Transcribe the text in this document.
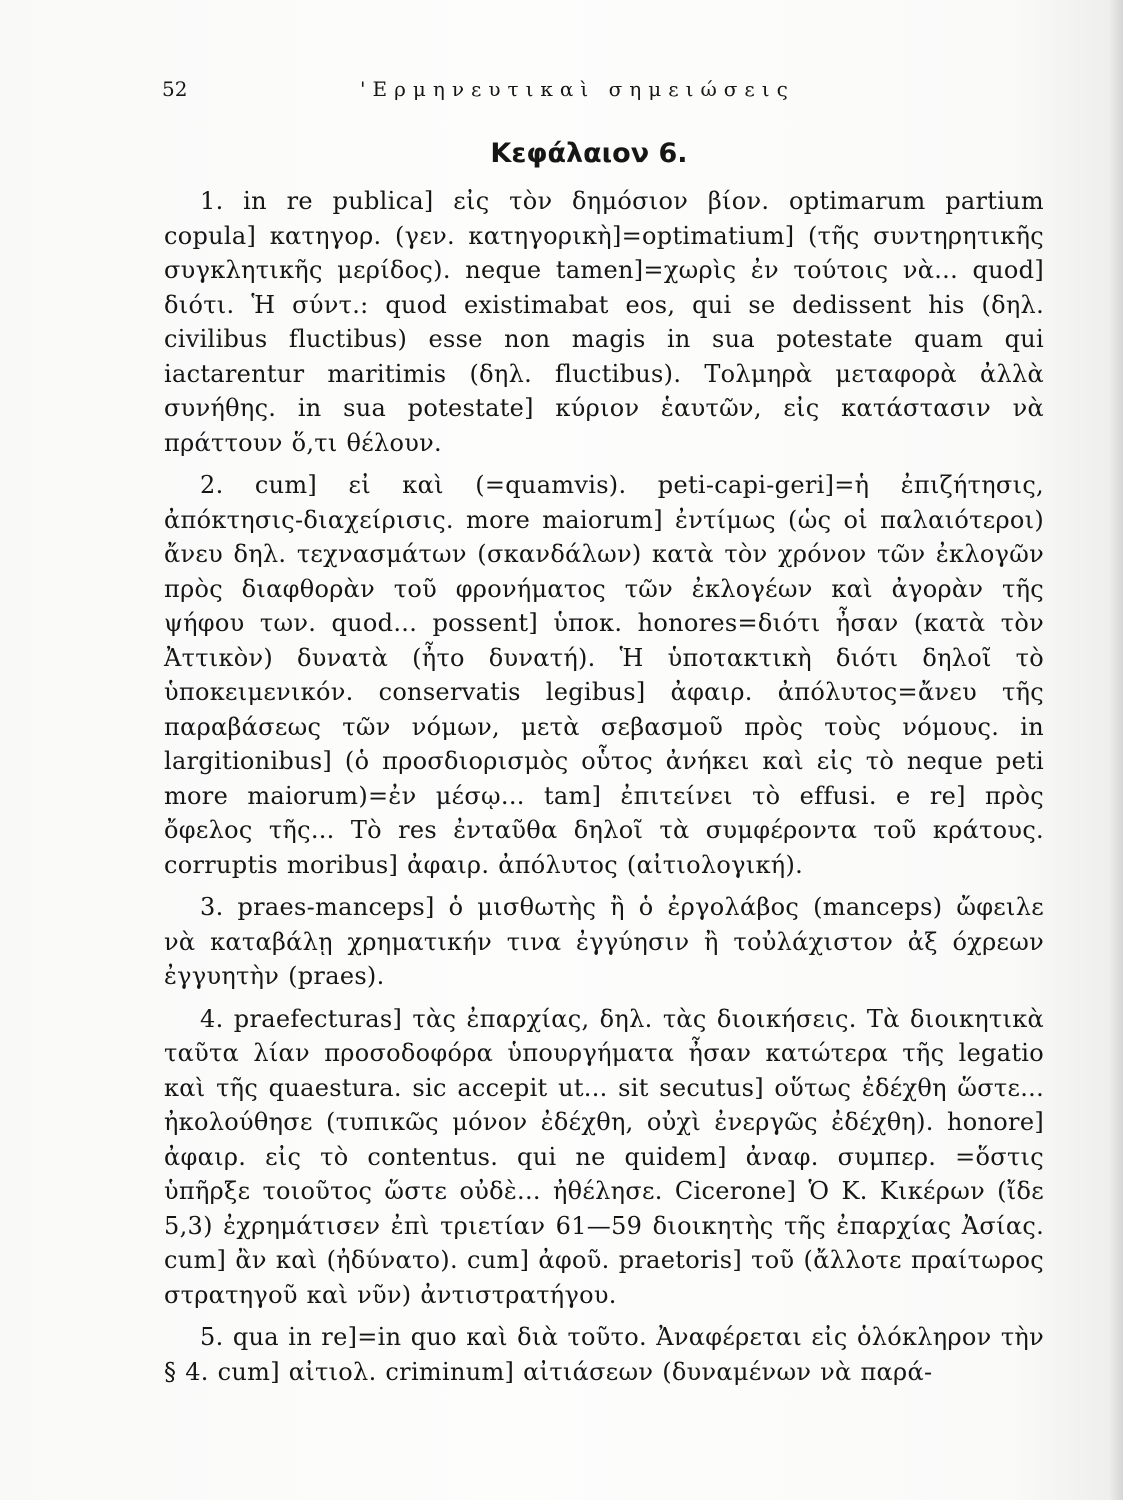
52	'Ερμηνευτικαὶ σημειώσεις
Κεφάλαιον 6.

1. in re publica] εἰς τὸν δημόσιον βίον. optimarum partium copula] κατηγορ. (γεν. κατηγορικὴ]=optimatium] (τῆς συντηρητικῆς συγκλητικῆς μερίδος). neque tamen]=χωρὶς ἐν τούτοις νὰ... quod] διότι. Ἡ σύντ.: quod existimabat eos, qui se dedissent his (δηλ. civilibus fluctibus) esse non magis in sua potestate quam qui iactarentur maritimis (δηλ. fluctibus). Τολμηρὰ μεταφορὰ ἀλλὰ συνήθης. in sua potestate] κύριον ἑαυτῶν, εἰς κατάστασιν νὰ πράττουν ὅ,τι θέλουν.

2. cum] εἰ καὶ (=quamvis). peti-capi-geri]=ἡ ἐπιζήτησις, ἀπόκτησις-διαχείρισις. more maiorum] ἐντίμως (ὡς οἱ παλαιότεροι) ἄνευ δηλ. τεχνασμάτων (σκανδάλων) κατὰ τὸν χρόνον τῶν ἐκλογῶν πρὸς διαφθορὰν τοῦ φρονήματος τῶν ἐκλογέων καὶ ἀγορὰν τῆς ψήφου των. quod... possent] ὑποκ. honores=διότι ἦσαν (κατὰ τὸν Ἀττικὸν) δυνατὰ (ἦτο δυνατή). Ἡ ὑποτακτικὴ διότι δηλοῖ τὸ ὑποκειμενικόν. conservatis legibus] ἀφαιρ. ἀπόλυτος=ἄνευ τῆς παραβάσεως τῶν νόμων, μετὰ σεβασμοῦ πρὸς τοὺς νόμους. in largitionibus] (ὁ προσδιορισμὸς οὗτος ἀνήκει καὶ εἰς τὸ neque peti more maiorum)=ἐν μέσῳ... tam] ἐπιτείνει τὸ effusi. e re] πρὸς ὄφελος τῆς... Τὸ res ἐνταῦθα δηλοῖ τὰ συμφέροντα τοῦ κράτους. corruptis moribus] ἀφαιρ. ἀπόλυτος (αἰτιολογική).

3. praes-manceps] ὁ μισθωτὴς ἢ ὁ ἐργολάβος (manceps) ὤφειλε νὰ καταβάλῃ χρηματικήν τινα ἐγγύησιν ἢ τοὐλάχιστον ἀξ όχρεων ἐγγυητὴν (praes).

4. praefecturas] τὰς ἐπαρχίας, δηλ. τὰς διοικήσεις. Τὰ διοικητικὰ ταῦτα λίαν προσοδοφόρα ὑπουργήματα ἦσαν κατώτερα τῆς legatio καὶ τῆς quaestura. sic accepit ut... sit secutus] οὕτως ἐδέχθη ὥστε... ἠκολούθησε (τυπικῶς μόνον ἐδέχθη, οὐχὶ ἐνεργῶς ἐδέχθη). honore] ἀφαιρ. εἰς τὸ contentus. qui ne quidem] ἀναφ. συμπερ. =ὅστις ὑπῆρξε τοιοῦτος ὥστε οὐδὲ... ἠθέλησε. Cicerone] Ὁ Κ. Κικέρων (ἴδε 5,3) ἐχρημάτισεν ἐπὶ τριετίαν 61—59 διοικητὴς τῆς ἐπαρχίας Ἀσίας. cum] ἂν καὶ (ἠδύνατο). cum] ἀφοῦ. praetoris] τοῦ (ἄλλοτε πραίτωρος στρατηγοῦ καὶ νῦν) ἀντιστρατήγου.

5. qua in re]=in quo καὶ διὰ τοῦτο. Ἀναφέρεται εἰς ὁλόκληρον τὴν § 4. cum] αἰτιολ. criminum] αἰτιάσεων (δυναμένων νὰ παρά-
